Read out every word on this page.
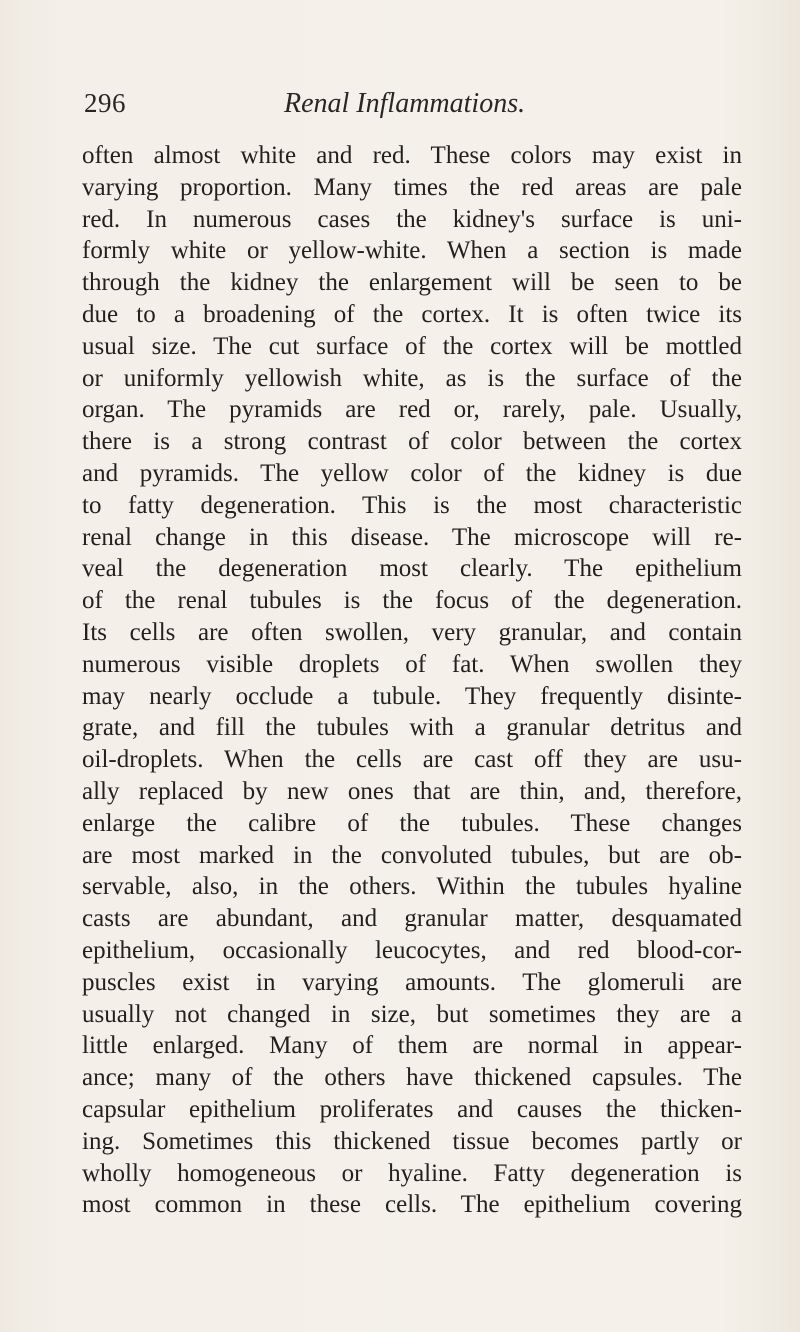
296	Renal Inflammations.
often almost white and red. These colors may exist in
varying proportion. Many times the red areas are pale
red. In numerous cases the kidney's surface is uni-
formly white or yellow-white. When a section is made
through the kidney the enlargement will be seen to be
due to a broadening of the cortex. It is often twice its
usual size. The cut surface of the cortex will be mottled
or uniformly yellowish white, as is the surface of the
organ. The pyramids are red or, rarely, pale. Usually,
there is a strong contrast of color between the cortex
and pyramids. The yellow color of the kidney is due
to fatty degeneration. This is the most characteristic
renal change in this disease. The microscope will re-
veal the degeneration most clearly. The epithelium
of the renal tubules is the focus of the degeneration.
Its cells are often swollen, very granular, and contain
numerous visible droplets of fat. When swollen they
may nearly occlude a tubule. They frequently disinte-
grate, and fill the tubules with a granular detritus and
oil-droplets. When the cells are cast off they are usu-
ally replaced by new ones that are thin, and, therefore,
enlarge the calibre of the tubules. These changes
are most marked in the convoluted tubules, but are ob-
servable, also, in the others. Within the tubules hyaline
casts are abundant, and granular matter, desquamated
epithelium, occasionally leucocytes, and red blood-cor-
puscles exist in varying amounts. The glomeruli are
usually not changed in size, but sometimes they are a
little enlarged. Many of them are normal in appear-
ance; many of the others have thickened capsules. The
capsular epithelium proliferates and causes the thicken-
ing. Sometimes this thickened tissue becomes partly or
wholly homogeneous or hyaline. Fatty degeneration is
most common in these cells. The epithelium covering
